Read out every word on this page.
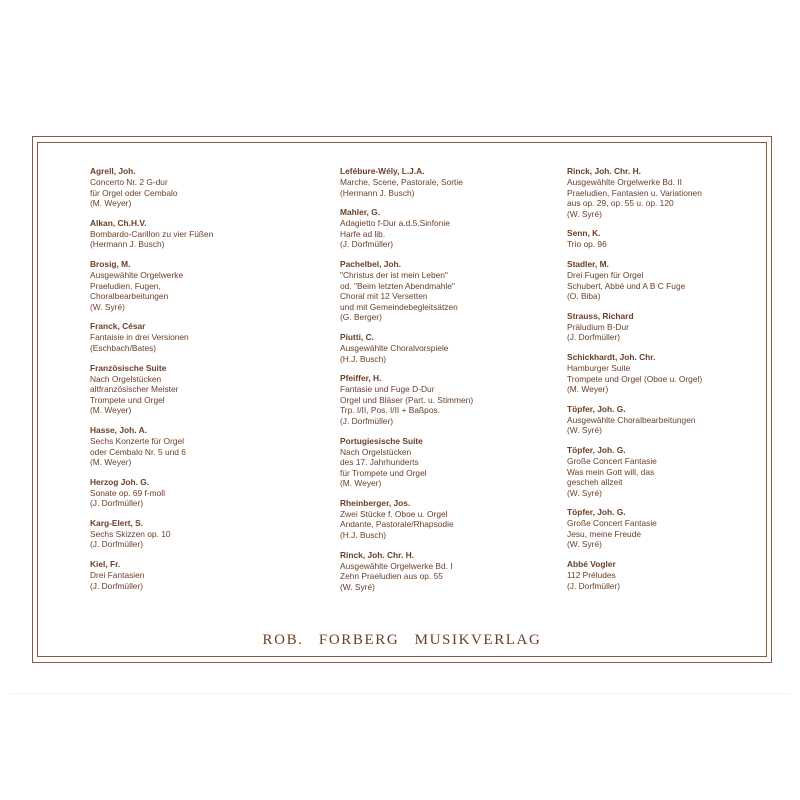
Agrell, Joh.
Concerto Nr. 2 G-dur
für Orgel oder Cembalo
(M. Weyer)
Alkan, Ch.H.V.
Bombardo-Carillon zu vier Füßen
(Hermann J. Busch)
Brosig, M.
Ausgewählte Orgelwerke
Praeludien, Fugen,
Choralbearbeitungen
(W. Syré)
Franck, César
Fantaisie in drei Versionen
(Eschbach/Bates)
Französische Suite
Nach Orgelstücken
altfranzösischer Meister
Trompete und Orgel
(M. Weyer)
Hasse, Joh. A.
Sechs Konzerte für Orgel
oder Cembalo Nr. 5 und 6
(M. Weyer)
Herzog Joh. G.
Sonate op. 69 f-moll
(J. Dorfmüller)
Karg-Elert, S.
Sechs Skizzen op. 10
(J. Dorfmüller)
Kiel, Fr.
Drei Fantasien
(J. Dorfmüller)
Lefébure-Wély, L.J.A.
Marche, Scene, Pastorale, Sortie
(Hermann J. Busch)
Mahler, G.
Adagietto f-Dur a.d.5.Sinfonie
Harfe ad lib.
(J. Dorfmüller)
Pachelbel, Joh.
"Christus der ist mein Leben"
od. "Beim letzten Abendmahle"
Choral mit 12 Versetten
und mit Gemeindebegleitsätzen
(G. Berger)
Piutti, C.
Ausgewählte Choralvorspiele
(H.J. Busch)
Pfeiffer, H.
Fantasie und Fuge D-Dur
Orgel und Bläser (Part. u. Stimmen)
Trp. I/II, Pos. I/II + Baßpos.
(J. Dorfmüller)
Portugiesische Suite
Nach Orgelstücken
des 17. Jahrhunderts
für Trompete und Orgel
(M. Weyer)
Rheinberger, Jos.
Zwei Stücke f. Oboe u. Orgel
Andante, Pastorale/Rhapsodie
(H.J. Busch)
Rinck, Joh. Chr. H.
Ausgewählte Orgelwerke Bd. I
Zehn Praeludien aus op. 55
(W. Syré)
Rinck, Joh. Chr. H.
Ausgewählte Orgelwerke Bd. II
Praeludien, Fantasien u. Variationen
aus op. 29, op. 55 u. op. 120
(W. Syré)
Senn, K.
Trio op. 96
Stadler, M.
Drei Fugen für Orgel
Schubert, Abbé und A B C Fuge
(O. Biba)
Strauss, Richard
Präludium B-Dur
(J. Dorfmüller)
Schickhardt, Joh. Chr.
Hamburger Suite
Trompete und Orgel (Oboe u. Orgel)
(M. Weyer)
Töpfer, Joh. G.
Ausgewählte Choralbearbeitungen
(W. Syré)
Töpfer, Joh. G.
Große Concert Fantasie
Was mein Gott will, das
gescheh allzeit
(W. Syré)
Töpfer, Joh. G.
Große Concert Fantasie
Jesu, meine Freude
(W. Syré)
Abbé Vogler
112 Préludes
(J. Dorfmüller)
ROB. FORBERG MUSIKVERLAG
